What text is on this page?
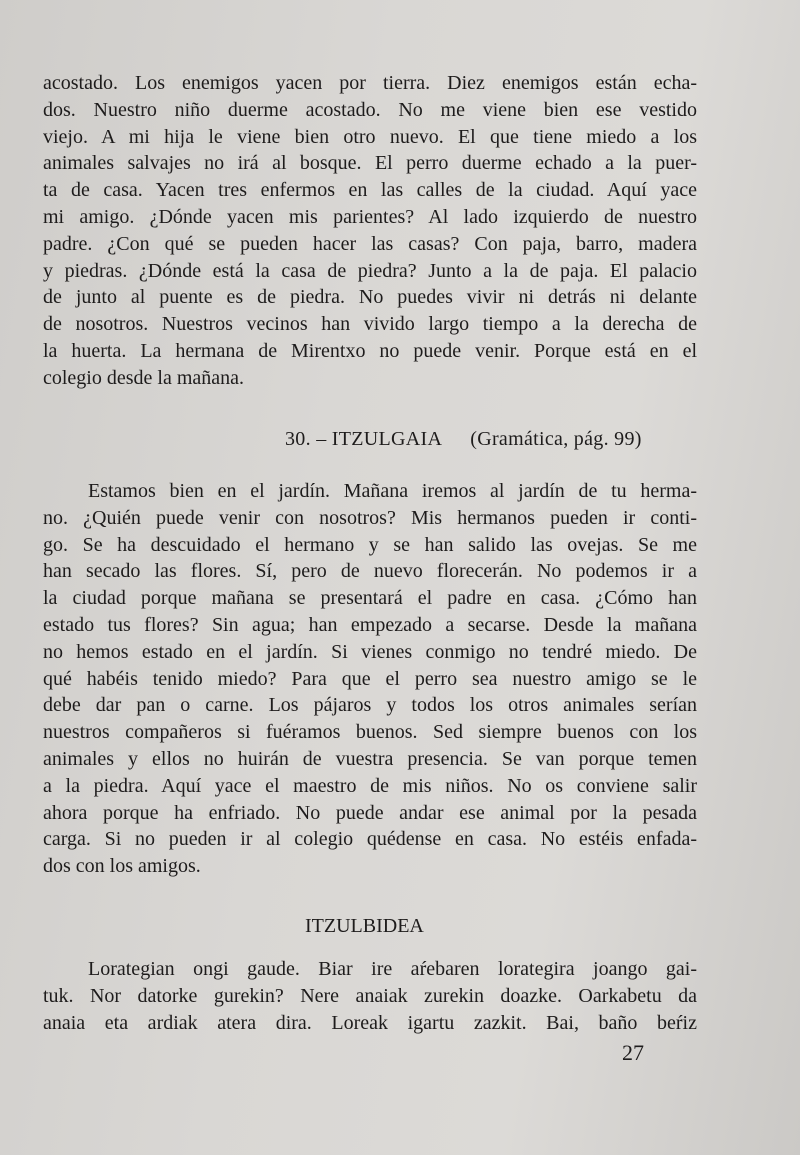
acostado. Los enemigos yacen por tierra. Diez enemigos están echa-
dos. Nuestro niño duerme acostado. No me viene bien ese vestido
viejo. A mi hija le viene bien otro nuevo. El que tiene miedo a los
animales salvajes no irá al bosque. El perro duerme echado a la puer-
ta de casa. Yacen tres enfermos en las calles de la ciudad. Aquí yace
mi amigo. ¿Dónde yacen mis parientes? Al lado izquierdo de nuestro
padre. ¿Con qué se pueden hacer las casas? Con paja, barro, madera
y piedras. ¿Dónde está la casa de piedra? Junto a la de paja. El palacio
de junto al puente es de piedra. No puedes vivir ni detrás ni delante
de nosotros. Nuestros vecinos han vivido largo tiempo a la derecha de
la huerta. La hermana de Mirentxo no puede venir. Porque está en el
colegio desde la mañana.
30. – ITZULGAIA (Gramática, pág. 99)
Estamos bien en el jardín. Mañana iremos al jardín de tu herma-
no. ¿Quién puede venir con nosotros? Mis hermanos pueden ir conti-
go. Se ha descuidado el hermano y se han salido las ovejas. Se me
han secado las flores. Sí, pero de nuevo florecerán. No podemos ir a
la ciudad porque mañana se presentará el padre en casa. ¿Cómo han
estado tus flores? Sin agua; han empezado a secarse. Desde la mañana
no hemos estado en el jardín. Si vienes conmigo no tendré miedo. De
qué habéis tenido miedo? Para que el perro sea nuestro amigo se le
debe dar pan o carne. Los pájaros y todos los otros animales serían
nuestros compañeros si fuéramos buenos. Sed siempre buenos con los
animales y ellos no huirán de vuestra presencia. Se van porque temen
a la piedra. Aquí yace el maestro de mis niños. No os conviene salir
ahora porque ha enfriado. No puede andar ese animal por la pesada
carga. Si no pueden ir al colegio quédense en casa. No estéis enfada-
dos con los amigos.
ITZULBIDEA
Lorategian ongi gaude. Biar ire aŕebaren lorategira joango gai-
tuk. Nor datorke gurekin? Nere anaiak zurekin doazke. Oarkabetu da
anaia eta ardiak atera dira. Loreak igartu zazkit. Bai, baño beŕiz
27
